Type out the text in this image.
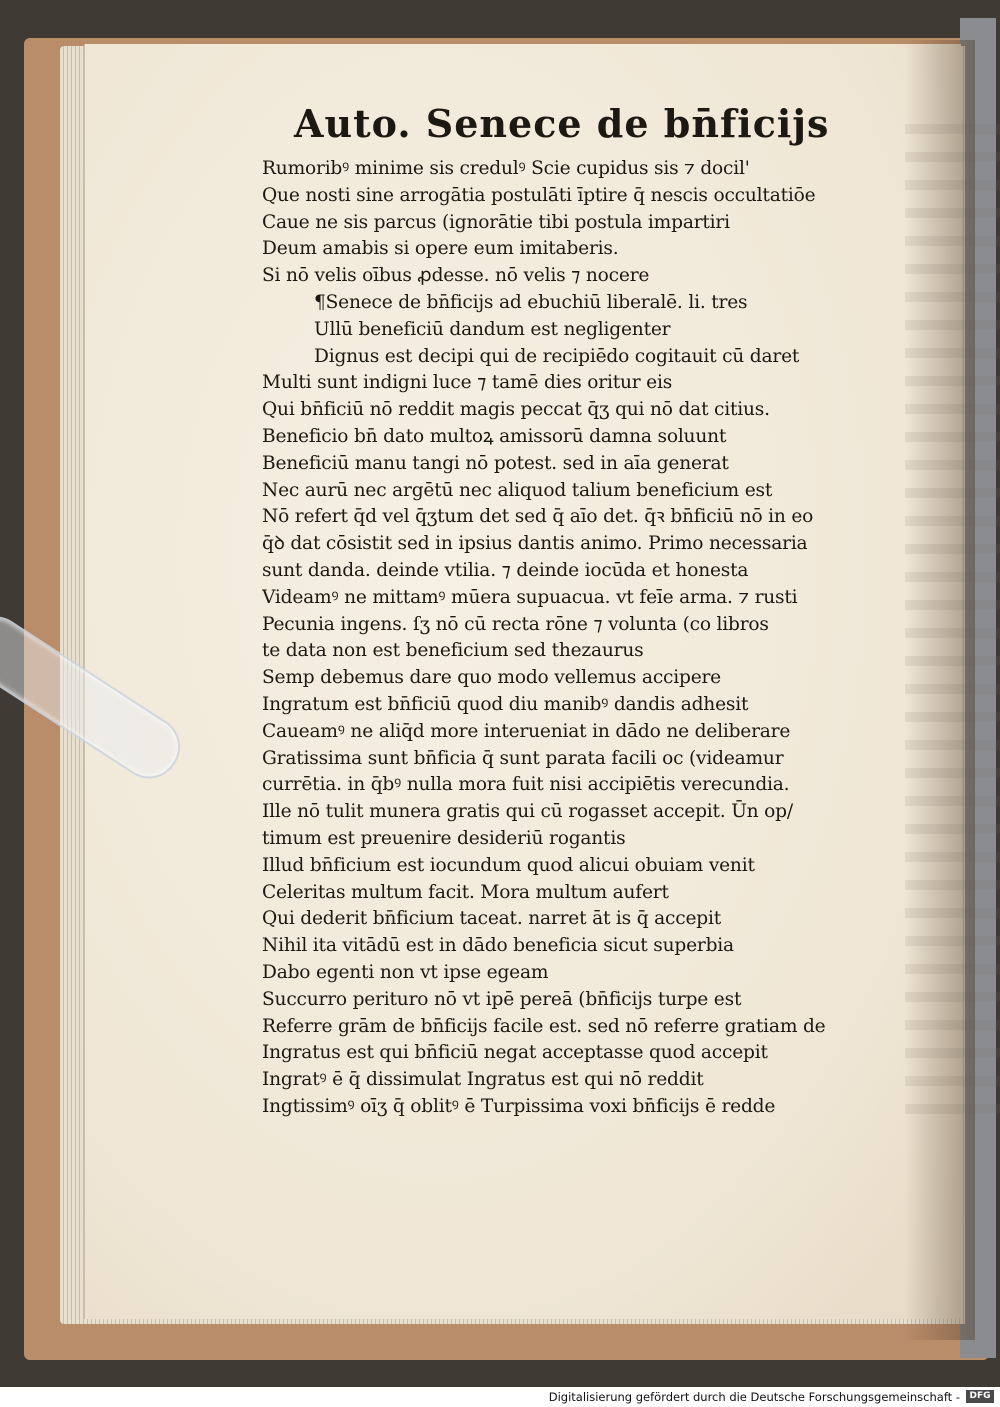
Auto. Senece de bn̄ficijs
Rumoribꝰ minime sis credulꝰ Scie cupidus sis ⁊ docil'
Que nosti sine arrogātia postulāti īptire q̄ nescis occultatiōe
Caue ne sis parcus (ignorātie tibi postula impartiri
Deum amabis si opere eum imitaberis.
Si nō velis oībus ꝓdesse. nō velis ⁊ nocere
¶Senece de bn̄ficijs ad ebuchiū liberalē. li. tres
Ullū beneficiū dandum est negligenter
Dignus est decipi qui de recipiēdo cogitauit cū daret
Multi sunt indigni luce ⁊ tamē dies oritur eis
Qui bn̄ficiū nō reddit magis peccat q̄ʒ qui nō dat citius.
Beneficio bn̄ dato multoꝝ amissorū damna soluunt
Beneficiū manu tangi nō potest. sed in aīa generat
Nec aurū nec argētū nec aliquod talium beneficium est
Nō refert q̄d vel q̄ʒtum det sed q̄ aīo det. q̄ꝛ bn̄ficiū nō in eo
q̄ꝺ dat cōsistit sed in ipsius dantis animo. Primo necessaria
sunt danda. deinde vtilia. ⁊ deinde iocūda et honesta
Videamꝰ ne mittamꝰ mūera supuacua. vt feīe arma. ⁊ rusti
Pecunia ingens. ſʒ nō cū recta rōne ⁊ volunta (co libros
te data non est beneficium sed thezaurus
Semp debemus dare quo modo vellemus accipere
Ingratum est bn̄ficiū quod diu manibꝰ dandis adhesit
Caueamꝰ ne aliq̄d more interueniat in dādo ne deliberare
Gratissima sunt bn̄ficia q̄ sunt parata facili oc (videamur
currētia. in q̄bꝰ nulla mora fuit nisi accipiētis verecundia.
Ille nō tulit munera gratis qui cū rogasset accepit. Ūn op/
timum est preuenire desideriū rogantis
Illud bn̄ficium est iocundum quod alicui obuiam venit
Celeritas multum facit. Mora multum aufert
Qui dederit bn̄ficium taceat. narret āt is q̄ accepit
Nihil ita vitādū est in dādo beneficia sicut superbia
Dabo egenti non vt ipse egeam
Succurro perituro nō vt ipē pereā (bn̄ficijs turpe est
Referre grām de bn̄ficijs facile est. sed nō referre gratiam de
Ingratus est qui bn̄ficiū negat acceptasse quod accepit
Ingratꝰ ē q̄ dissimulat Ingratus est qui nō reddit
Ingtissimꝰ oīʒ q̄ oblitꝰ ē Turpissima voxi bn̄ficijs ē redde
Digitalisierung gefördert durch die Deutsche Forschungsgemeinschaft -	DFG
